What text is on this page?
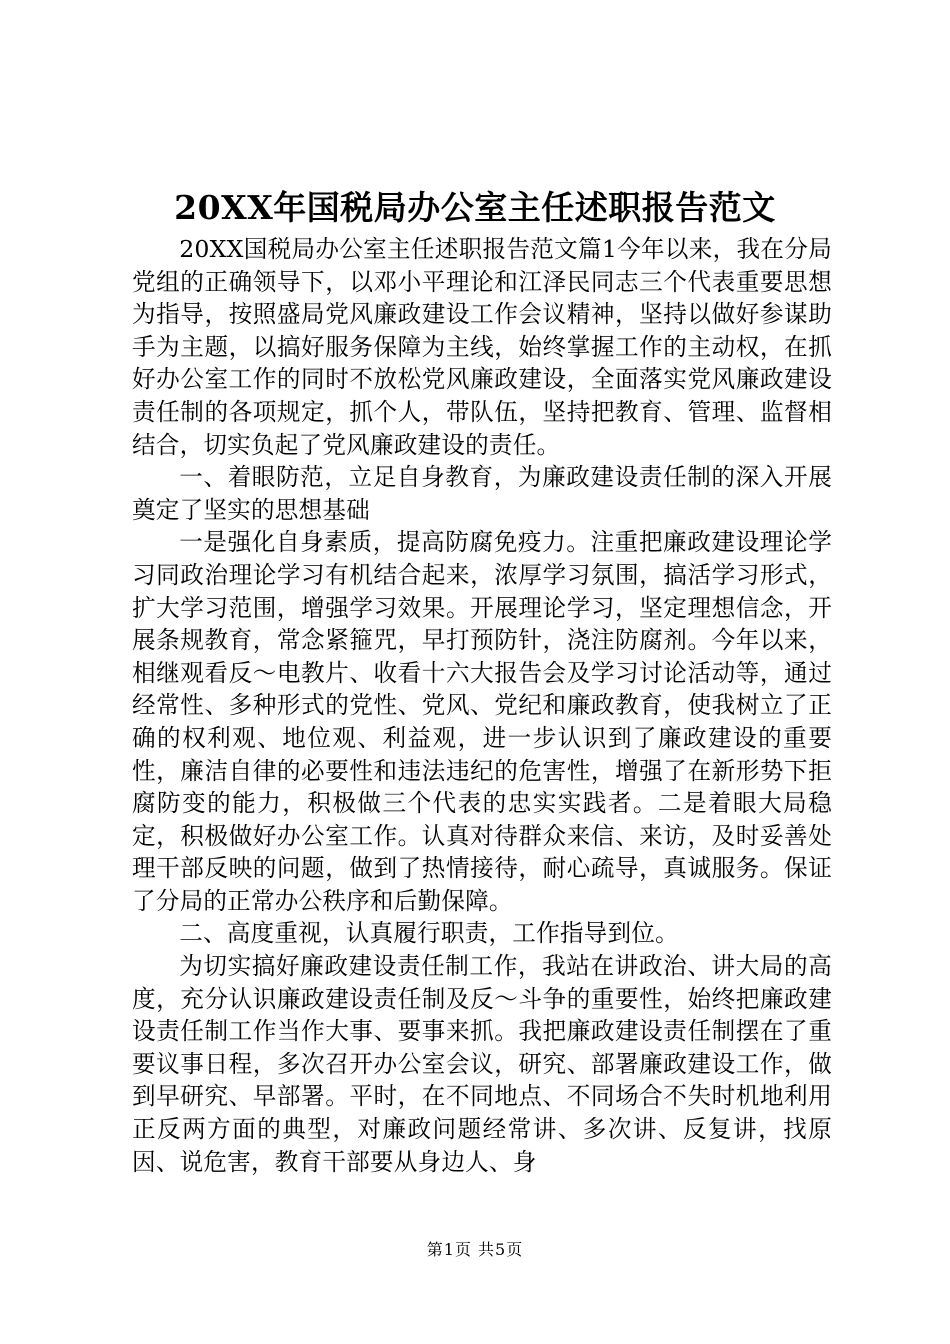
20XX年国税局办公室主任述职报告范文

20XX国税局办公室主任述职报告范文篇1今年以来，我在分局党组的正确领导下，以邓小平理论和江泽民同志三个代表重要思想为指导，按照盛局党风廉政建设工作会议精神，坚持以做好参谋助手为主题，以搞好服务保障为主线，始终掌握工作的主动权，在抓好办公室工作的同时不放松党风廉政建设，全面落实党风廉政建设责任制的各项规定，抓个人，带队伍，坚持把教育、管理、监督相结合，切实负起了党风廉政建设的责任。

一、着眼防范，立足自身教育，为廉政建设责任制的深入开展奠定了坚实的思想基础

一是强化自身素质，提高防腐免疫力。注重把廉政建设理论学习同政治理论学习有机结合起来，浓厚学习氛围，搞活学习形式，扩大学习范围，增强学习效果。开展理论学习，坚定理想信念，开展条规教育，常念紧箍咒，早打预防针，浇注防腐剂。今年以来，相继观看反～电教片、收看十六大报告会及学习讨论活动等，通过经常性、多种形式的党性、党风、党纪和廉政教育，使我树立了正确的权利观、地位观、利益观，进一步认识到了廉政建设的重要性，廉洁自律的必要性和违法违纪的危害性，增强了在新形势下拒腐防变的能力，积极做三个代表的忠实实践者。二是着眼大局稳定，积极做好办公室工作。认真对待群众来信、来访，及时妥善处理干部反映的问题，做到了热情接待，耐心疏导，真诚服务。保证了分局的正常办公秩序和后勤保障。

二、高度重视，认真履行职责，工作指导到位。

为切实搞好廉政建设责任制工作，我站在讲政治、讲大局的高度，充分认识廉政建设责任制及反～斗争的重要性，始终把廉政建设责任制工作当作大事、要事来抓。我把廉政建设责任制摆在了重要议事日程，多次召开办公室会议，研究、部署廉政建设工作，做到早研究、早部署。平时，在不同地点、不同场合不失时机地利用正反两方面的典型，对廉政问题经常讲、多次讲、反复讲，找原因、说危害，教育干部要从身边人、身

第1页 共5页
